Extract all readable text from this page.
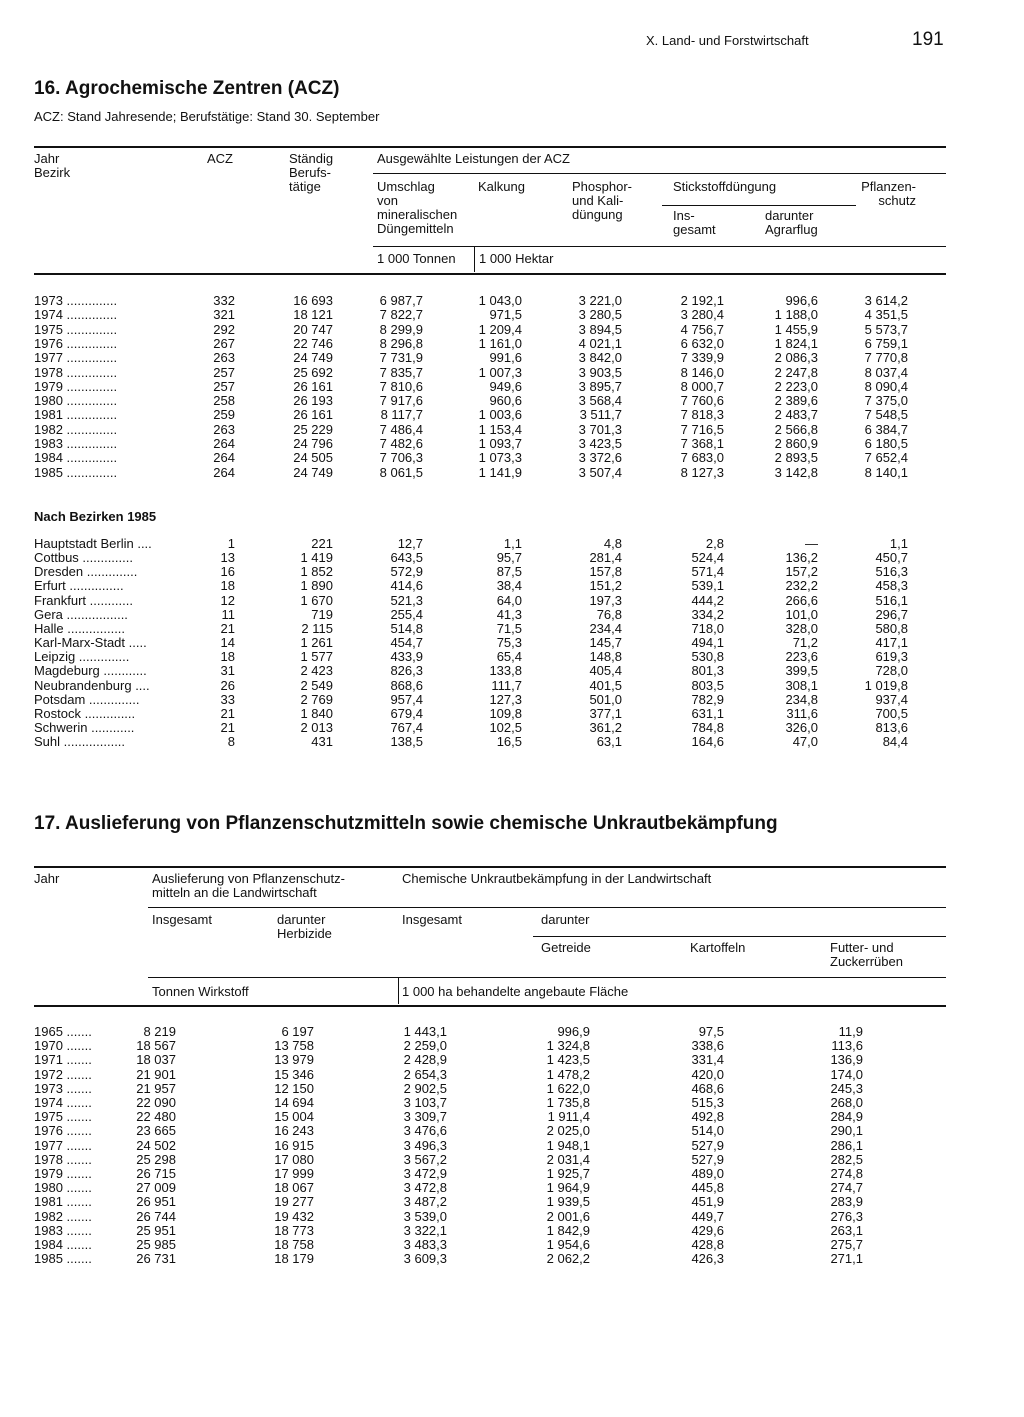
X. Land- und Forstwirtschaft	191
16. Agrochemische Zentren (ACZ)
ACZ: Stand Jahresende; Berufstätige: Stand 30. September
Jahr
Bezirk
ACZ	Ständig
Berufs-
tätige
Ausgewählte Leistungen der ACZ
Umschlag
von
mineralischen
Düngemitteln
Kalkung	Phosphor-
und Kali-
düngung
Stickstoffdüngung	Pflanzen-
schutz
Ins-
gesamt
darunter
Agrarflug
1 000 Tonnen 1 000 Hektar
1973 ..............	332	16 693	6 987,7	1 043,0	3 221,0	2 192,1	996,6	3 614,2
1974 ..............	321	18 121	7 822,7	971,5	3 280,5	3 280,4	1 188,0	4 351,5
1975 ..............	292	20 747	8 299,9	1 209,4	3 894,5	4 756,7	1 455,9	5 573,7
1976 ..............	267	22 746	8 296,8	1 161,0	4 021,1	6 632,0	1 824,1	6 759,1
1977 ..............	263	24 749	7 731,9	991,6	3 842,0	7 339,9	2 086,3	7 770,8
1978 ..............	257	25 692	7 835,7	1 007,3	3 903,5	8 146,0	2 247,8	8 037,4
1979 ..............	257	26 161	7 810,6	949,6	3 895,7	8 000,7	2 223,0	8 090,4
1980 ..............	258	26 193	7 917,6	960,6	3 568,4	7 760,6	2 389,6	7 375,0
1981 ..............	259	26 161	8 117,7	1 003,6	3 511,7	7 818,3	2 483,7	7 548,5
1982 ..............	263	25 229	7 486,4	1 153,4	3 701,3	7 716,5	2 566,8	6 384,7
1983 ..............	264	24 796	7 482,6	1 093,7	3 423,5	7 368,1	2 860,9	6 180,5
1984 ..............	264	24 505	7 706,3	1 073,3	3 372,6	7 683,0	2 893,5	7 652,4
1985 ..............	264	24 749	8 061,5	1 141,9	3 507,4	8 127,3	3 142,8	8 140,1
Nach Bezirken 1985
Hauptstadt Berlin ....	1	221	12,7	1,1	4,8	2,8	—	1,1
Cottbus ..............	13	1 419	643,5	95,7	281,4	524,4	136,2	450,7
Dresden ..............	16	1 852	572,9	87,5	157,8	571,4	157,2	516,3
Erfurt ...............	18	1 890	414,6	38,4	151,2	539,1	232,2	458,3
Frankfurt ............	12	1 670	521,3	64,0	197,3	444,2	266,6	516,1
Gera .................	11	719	255,4	41,3	76,8	334,2	101,0	296,7
Halle ................	21	2 115	514,8	71,5	234,4	718,0	328,0	580,8
Karl-Marx-Stadt .....	14	1 261	454,7	75,3	145,7	494,1	71,2	417,1
Leipzig ..............	18	1 577	433,9	65,4	148,8	530,8	223,6	619,3
Magdeburg ............	31	2 423	826,3	133,8	405,4	801,3	399,5	728,0
Neubrandenburg ....	26	2 549	868,6	111,7	401,5	803,5	308,1	1 019,8
Potsdam ..............	33	2 769	957,4	127,3	501,0	782,9	234,8	937,4
Rostock ..............	21	1 840	679,4	109,8	377,1	631,1	311,6	700,5
Schwerin ............	21	2 013	767,4	102,5	361,2	784,8	326,0	813,6
Suhl .................	8	431	138,5	16,5	63,1	164,6	47,0	84,4
17. Auslieferung von Pflanzenschutzmitteln sowie chemische Unkrautbekämpfung
Jahr	Auslieferung von Pflanzenschutz-
mitteln an die Landwirtschaft
Chemische Unkrautbekämpfung in der Landwirtschaft
Insgesamt	darunter
Herbizide
Insgesamt	darunter
Getreide	Kartoffeln	Futter- und
Zuckerrüben
Tonnen Wirkstoff	1 000 ha behandelte angebaute Fläche
1965 .......	8 219	6 197	1 443,1	996,9	97,5	11,9
1970 .......	18 567	13 758	2 259,0	1 324,8	338,6	113,6
1971 .......	18 037	13 979	2 428,9	1 423,5	331,4	136,9
1972 .......	21 901	15 346	2 654,3	1 478,2	420,0	174,0
1973 .......	21 957	12 150	2 902,5	1 622,0	468,6	245,3
1974 .......	22 090	14 694	3 103,7	1 735,8	515,3	268,0
1975 .......	22 480	15 004	3 309,7	1 911,4	492,8	284,9
1976 .......	23 665	16 243	3 476,6	2 025,0	514,0	290,1
1977 .......	24 502	16 915	3 496,3	1 948,1	527,9	286,1
1978 .......	25 298	17 080	3 567,2	2 031,4	527,9	282,5
1979 .......	26 715	17 999	3 472,9	1 925,7	489,0	274,8
1980 .......	27 009	18 067	3 472,8	1 964,9	445,8	274,7
1981 .......	26 951	19 277	3 487,2	1 939,5	451,9	283,9
1982 .......	26 744	19 432	3 539,0	2 001,6	449,7	276,3
1983 .......	25 951	18 773	3 322,1	1 842,9	429,6	263,1
1984 .......	25 985	18 758	3 483,3	1 954,6	428,8	275,7
1985 .......	26 731	18 179	3 609,3	2 062,2	426,3	271,1
